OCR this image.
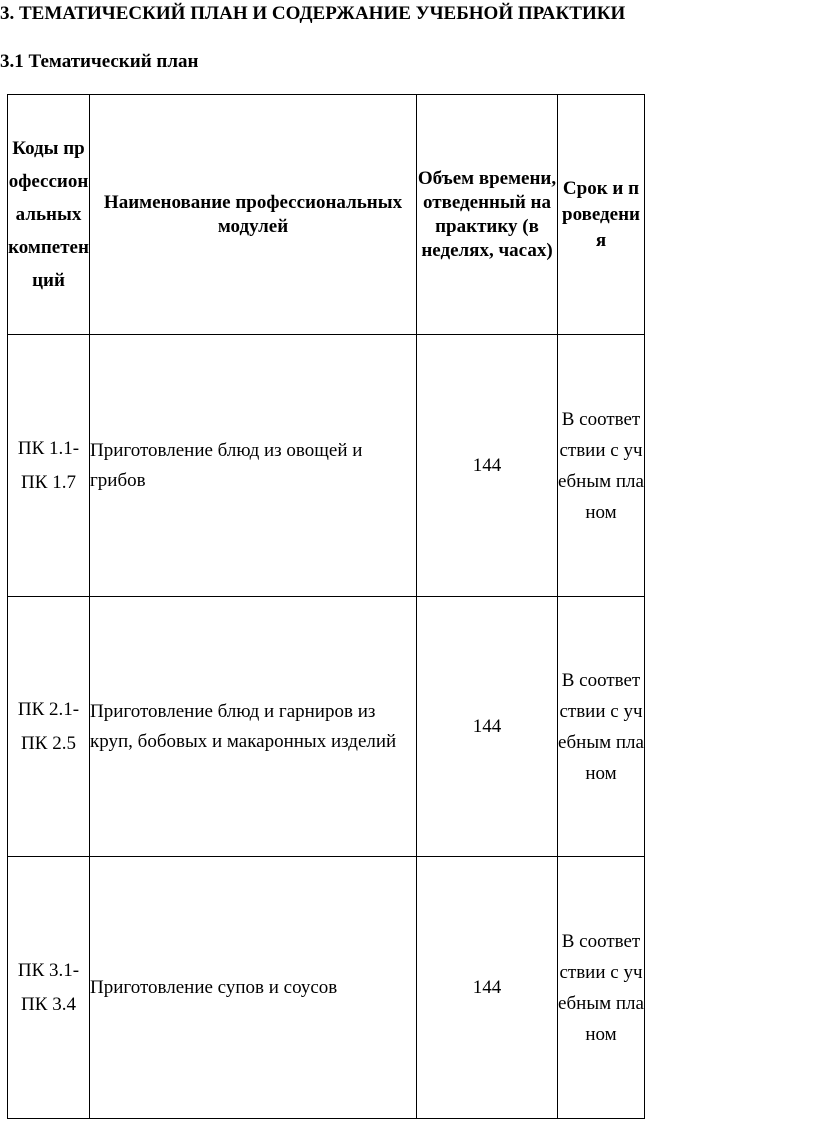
3. ТЕМАТИЧЕСКИЙ ПЛАН И СОДЕРЖАНИЕ УЧЕБНОЙ ПРАКТИКИ
3.1 Тематический план
Коды профессиональных компетенций	Наименование профессиональных модулей	Объем времени, отведенный на практику (в неделях, часах)	Срок и проведения

ПК 1.1-
ПК 1.7	Приготовление блюд из овощей и грибов	144	В соответствии с учебным планом

ПК 2.1-
ПК 2.5	Приготовление блюд и гарниров из круп, бобовых и макаронных изделий	144	В соответствии с учебным планом

ПК 3.1-
ПК 3.4	Приготовление супов и соусов	144	В соответствии с учебным планом
